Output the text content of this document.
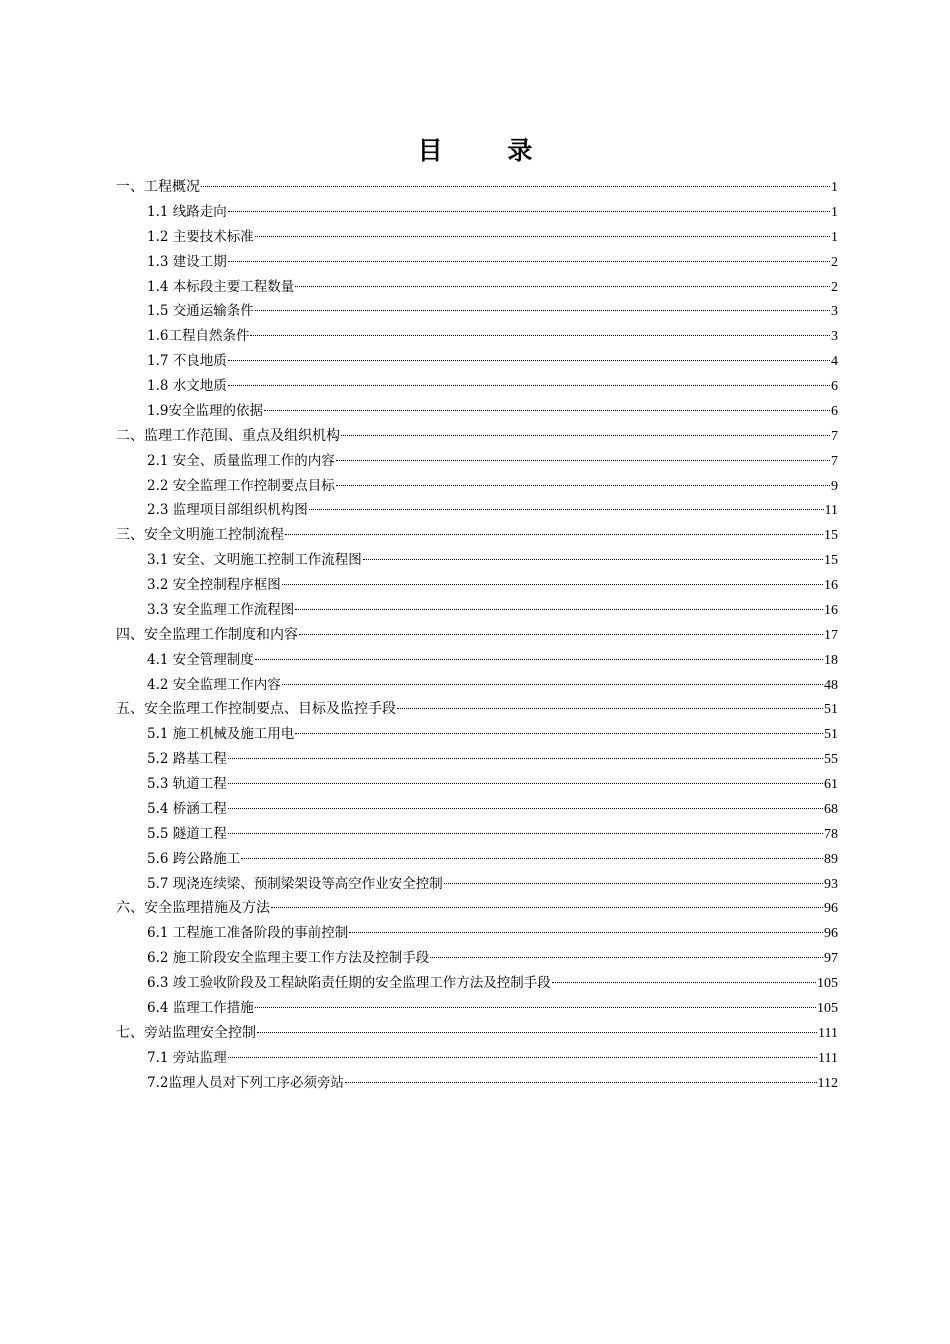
目 录
一、工程概况	1
1.1 线路走向	1
1.2 主要技术标准	1
1.3 建设工期	2
1.4 本标段主要工程数量	2
1.5 交通运输条件	3
1.6工程自然条件	3
1.7 不良地质	4
1.8 水文地质	6
1.9安全监理的依据	6
二、监理工作范围、重点及组织机构	7
2.1 安全、质量监理工作的内容	7
2.2 安全监理工作控制要点目标	9
2.3 监理项目部组织机构图	11
三、安全文明施工控制流程	15
3.1 安全、文明施工控制工作流程图	15
3.2 安全控制程序框图	16
3.3 安全监理工作流程图	16
四、安全监理工作制度和内容	17
4.1 安全管理制度	18
4.2 安全监理工作内容	48
五、安全监理工作控制要点、目标及监控手段	51
5.1 施工机械及施工用电	51
5.2 路基工程	55
5.3 轨道工程	61
5.4 桥涵工程	68
5.5 隧道工程	78
5.6 跨公路施工	89
5.7 现浇连续梁、预制梁架设等高空作业安全控制	93
六、安全监理措施及方法	96
6.1 工程施工准备阶段的事前控制	96
6.2 施工阶段安全监理主要工作方法及控制手段	97
6.3 竣工验收阶段及工程缺陷责任期的安全监理工作方法及控制手段	105
6.4 监理工作措施	105
七、旁站监理安全控制	111
7.1 旁站监理	111
7.2监理人员对下列工序必须旁站	112
